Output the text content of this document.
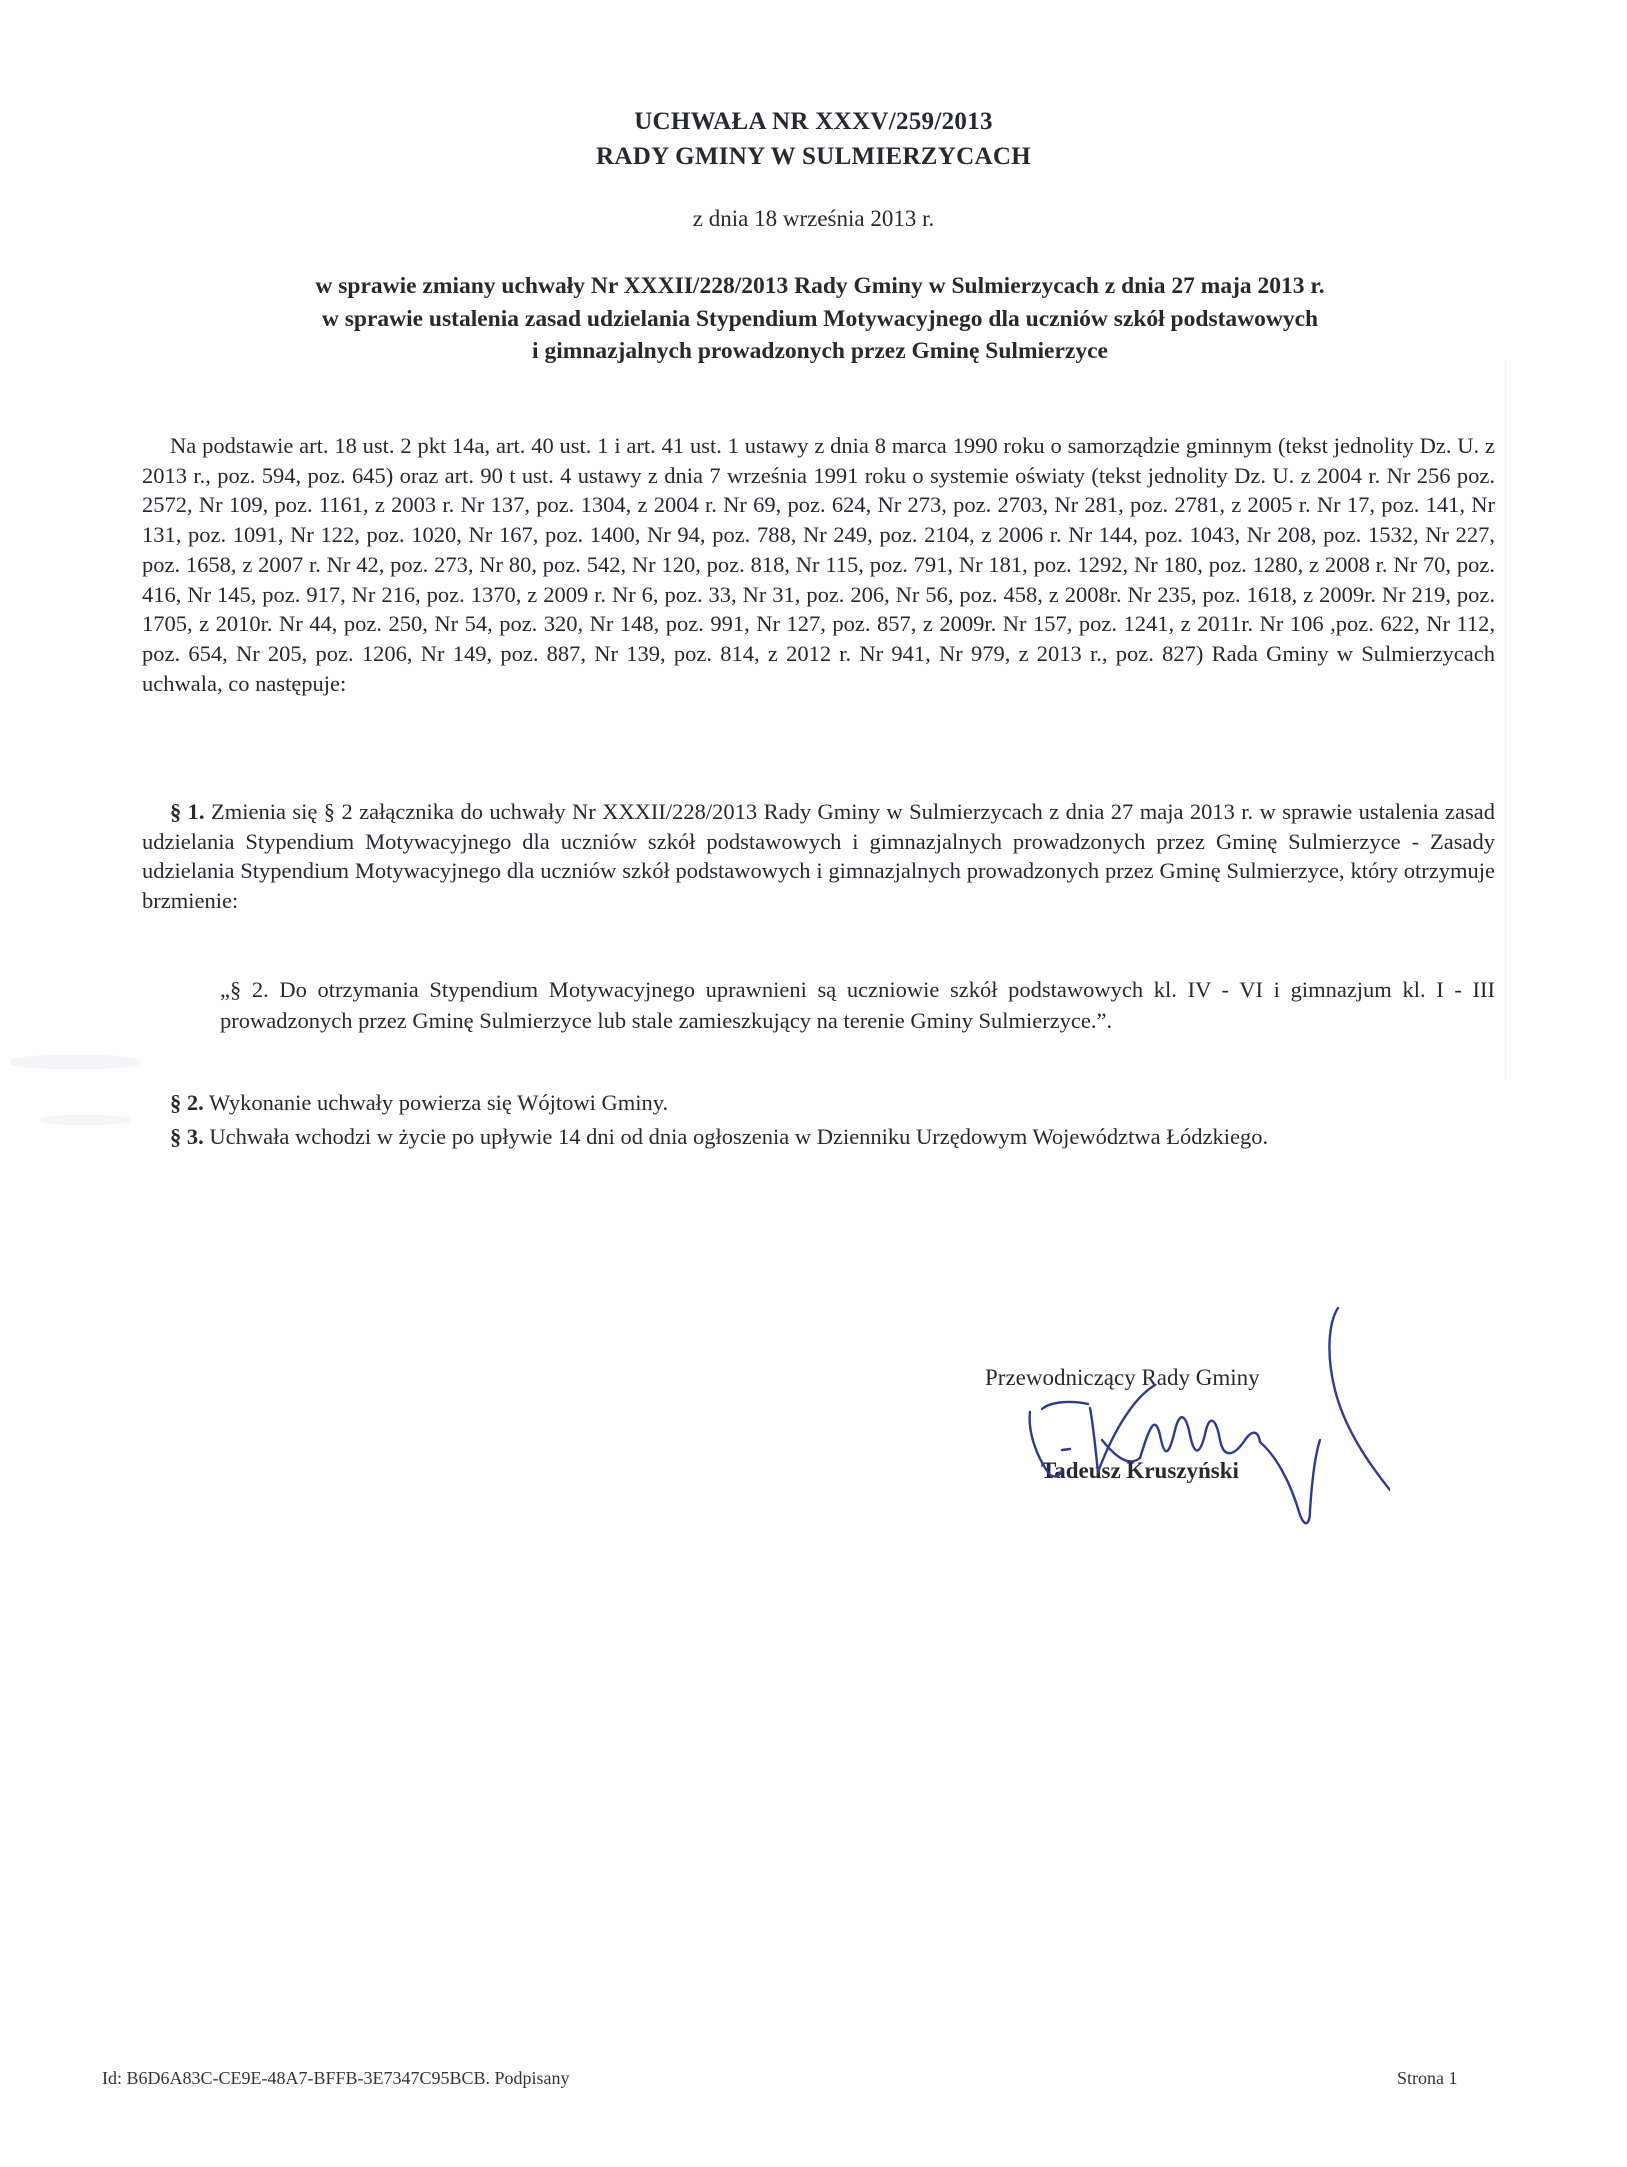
UCHWAŁA NR XXXV/259/2013
RADY GMINY W SULMIERZYCACH
z dnia 18 września 2013 r.
w sprawie zmiany uchwały Nr XXXII/228/2013 Rady Gminy w Sulmierzycach z dnia 27 maja 2013 r.
w sprawie ustalenia zasad udzielania Stypendium Motywacyjnego dla uczniów szkół podstawowych
i gimnazjalnych prowadzonych przez Gminę Sulmierzyce

Na podstawie art. 18 ust. 2 pkt 14a, art. 40 ust. 1 i art. 41 ust. 1 ustawy z dnia 8 marca 1990 roku o samorządzie gminnym (tekst jednolity Dz. U. z 2013 r., poz. 594, poz. 645) oraz art. 90 t ust. 4 ustawy z dnia 7 września 1991 roku o systemie oświaty (tekst jednolity Dz. U. z 2004 r. Nr 256 poz. 2572, Nr 109, poz. 1161, z 2003 r. Nr 137, poz. 1304, z 2004 r. Nr 69, poz. 624, Nr 273, poz. 2703, Nr 281, poz. 2781, z 2005 r. Nr 17, poz. 141, Nr 131, poz. 1091, Nr 122, poz. 1020, Nr 167, poz. 1400, Nr 94, poz. 788, Nr 249, poz. 2104, z 2006 r. Nr 144, poz. 1043, Nr 208, poz. 1532, Nr 227, poz. 1658, z 2007 r. Nr 42, poz. 273, Nr 80, poz. 542, Nr 120, poz. 818, Nr 115, poz. 791, Nr 181, poz. 1292, Nr 180, poz. 1280, z 2008 r. Nr 70, poz. 416, Nr 145, poz. 917, Nr 216, poz. 1370, z 2009 r. Nr 6, poz. 33, Nr 31, poz. 206, Nr 56, poz. 458, z 2008r. Nr 235, poz. 1618, z 2009r. Nr 219, poz. 1705, z 2010r. Nr 44, poz. 250, Nr 54, poz. 320, Nr 148, poz. 991, Nr 127, poz. 857, z 2009r. Nr 157, poz. 1241, z 2011r. Nr 106 ,poz. 622, Nr 112, poz. 654, Nr 205, poz. 1206, Nr 149, poz. 887, Nr 139, poz. 814, z 2012 r. Nr 941, Nr 979, z 2013 r., poz. 827) Rada Gminy w Sulmierzycach uchwala, co następuje:

§ 1. Zmienia się § 2 załącznika do uchwały Nr XXXII/228/2013 Rady Gminy w Sulmierzycach z dnia 27 maja 2013 r. w sprawie ustalenia zasad udzielania Stypendium Motywacyjnego dla uczniów szkół podstawowych i gimnazjalnych prowadzonych przez Gminę Sulmierzyce - Zasady udzielania Stypendium Motywacyjnego dla uczniów szkół podstawowych i gimnazjalnych prowadzonych przez Gminę Sulmierzyce, który otrzymuje brzmienie:

„§ 2. Do otrzymania Stypendium Motywacyjnego uprawnieni są uczniowie szkół podstawowych kl. IV - VI i gimnazjum kl. I - III prowadzonych przez Gminę Sulmierzyce lub stale zamieszkujący na terenie Gminy Sulmierzyce.”.

§ 2. Wykonanie uchwały powierza się Wójtowi Gminy.

§ 3. Uchwała wchodzi w życie po upływie 14 dni od dnia ogłoszenia w Dzienniku Urzędowym Województwa Łódzkiego.

Przewodniczący Rady Gminy
Tadeusz Kruszyński
Id: B6D6A83C-CE9E-48A7-BFFB-3E7347C95BCB. Podpisany	Strona 1
